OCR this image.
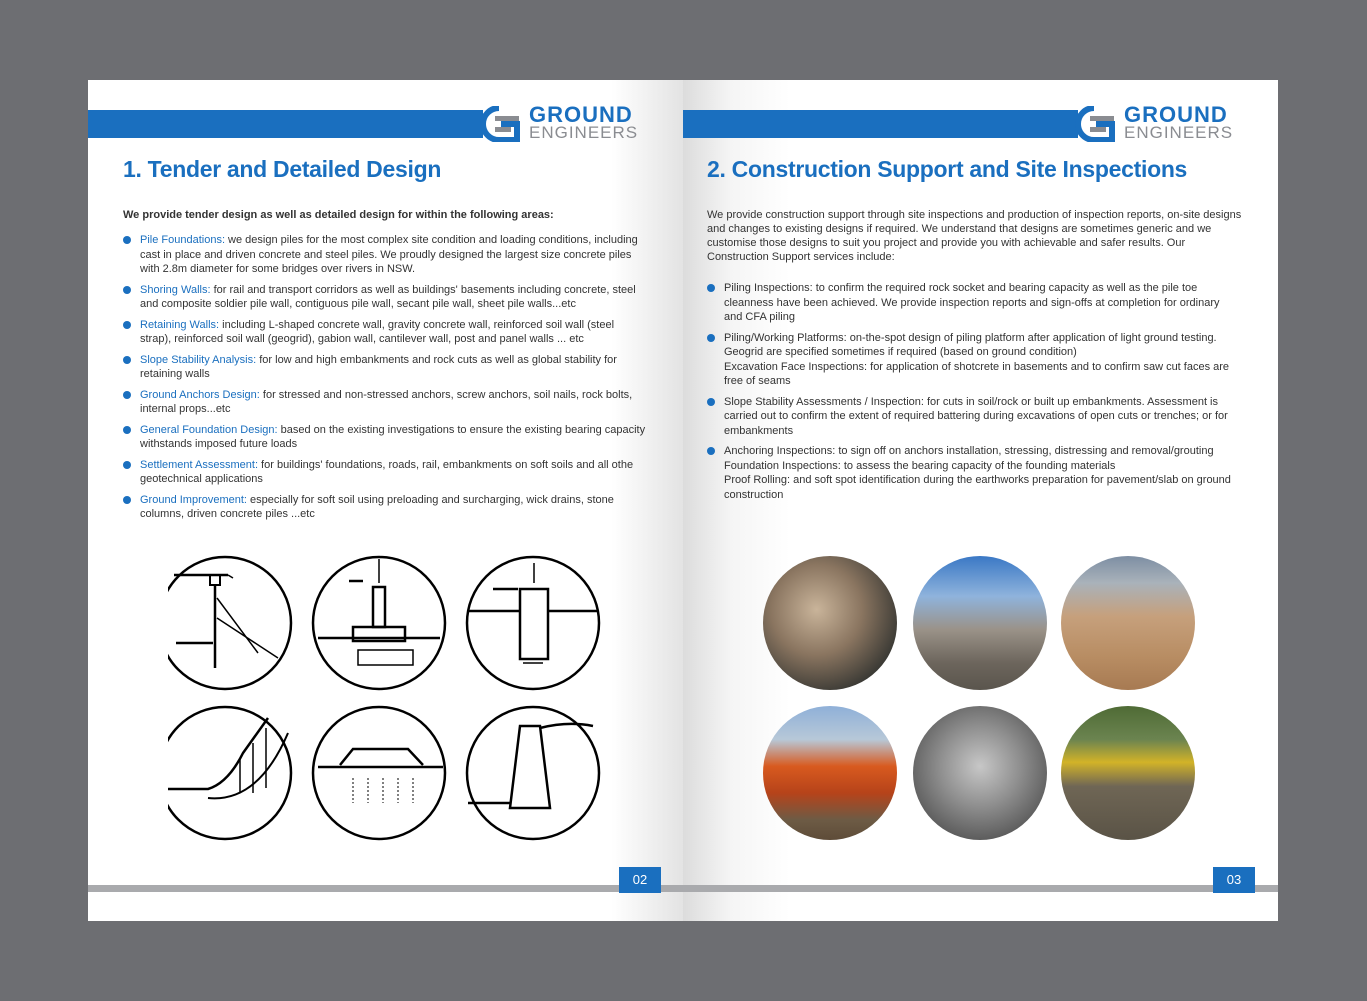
GROUND
ENGINEERS
1. Tender and Detailed Design
We provide tender design as well as detailed design for within the following areas:
Pile Foundations: we design piles for the most complex site condition and loading conditions, including cast in place and driven concrete and steel piles. We proudly designed the largest size concrete piles with 2.8m diameter for some bridges over rivers in NSW.
Shoring Walls: for rail and transport corridors as well as buildings' basements including concrete, steel and composite soldier pile wall, contiguous pile wall, secant pile wall, sheet pile walls...etc
Retaining Walls: including L-shaped concrete wall, gravity concrete wall, reinforced soil wall (steel strap), reinforced soil wall (geogrid), gabion wall, cantilever wall, post and panel walls ... etc
Slope Stability Analysis: for low and high embankments and rock cuts as well as global stability for retaining walls
Ground Anchors Design: for stressed and non-stressed anchors, screw anchors, soil nails, rock bolts, internal props...etc
General Foundation Design: based on the existing investigations to ensure the existing bearing capacity withstands imposed future loads
Settlement Assessment: for buildings' foundations, roads, rail, embankments on soft soils and all othe geotechnical applications
Ground Improvement: especially for soft soil using preloading and surcharging, wick drains, stone columns, driven concrete piles ...etc
02
GROUND
ENGINEERS
2. Construction Support and Site Inspections
We provide construction support through site inspections and production of inspection reports, on-site designs and changes to existing designs if required. We understand that designs are sometimes generic and we customise those designs to suit you project and provide you with achievable and safer results. Our Construction Support services include:
Piling Inspections: to confirm the required rock socket and bearing capacity as well as the pile toe cleanness have been achieved. We provide inspection reports and sign-offs at completion for ordinary and CFA piling
Piling/Working Platforms: on-the-spot design of piling platform after application of light ground testing. Geogrid are specified sometimes if required (based on ground condition)
Excavation Face Inspections: for application of shotcrete in basements and to confirm saw cut faces are free of seams
Slope Stability Assessments / Inspection: for cuts in soil/rock or built up embankments. Assessment is carried out to confirm the extent of required battering during excavations of open cuts or trenches; or for embankments
Anchoring Inspections: to sign off on anchors installation, stressing, distressing and removal/grouting
Foundation Inspections: to assess the bearing capacity of the founding materials
Proof Rolling: and soft spot identification during the earthworks preparation for pavement/slab on ground construction
03
